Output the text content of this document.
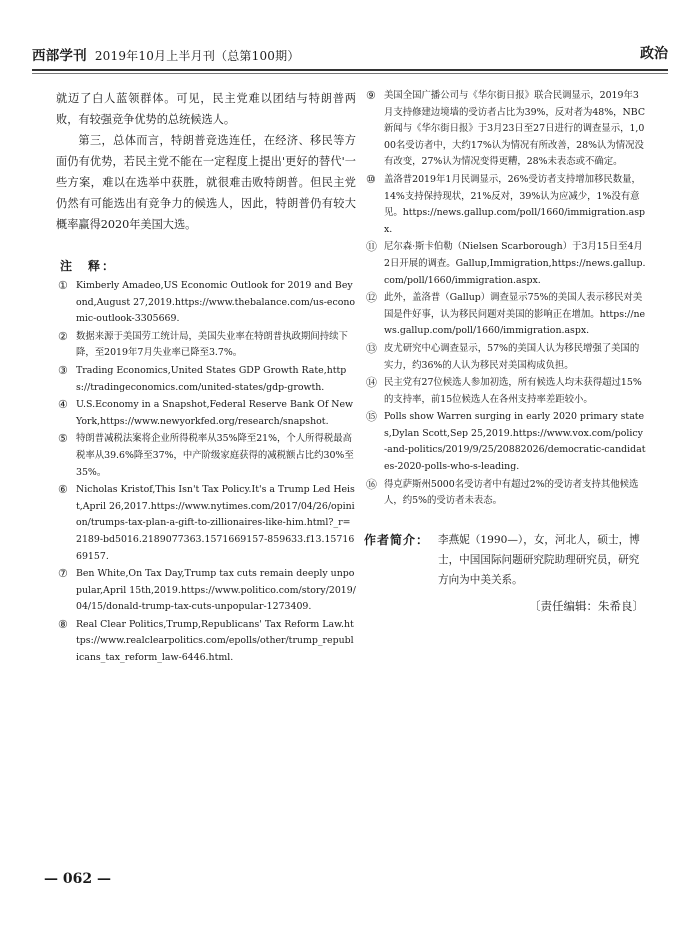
西部学刊 2019年10月上半月刊（总第100期）	政治

就迈了白人蓝领群体。可见，民主党难以团结与特朗普两败，有较强竞争优势的总统候选人。

第三，总体而言，特朗普竞选连任，在经济、移民等方面仍有优势，若民主党不能在一定程度上提出'更好的替代'一些方案，难以在选举中获胜，就很难击败特朗普。但民主党仍然有可能选出有竞争力的候选人，因此，特朗普仍有较大概率赢得2020年美国大选。

注　释：

① Kimberly Amadeo,US Economic Outlook for 2019 and Beyond,August 27,2019.https://www.thebalance.com/us-economic-outlook-3305669.

② 数据来源于美国劳工统计局，美国失业率在特朗普执政期间持续下降，至2019年7月失业率已降至3.7%。

③ Trading Economics,United States GDP Growth Rate,https://tradingeconomics.com/united-states/gdp-growth.

④ U.S.Economy in a Snapshot,Federal Reserve Bank Of New York,https://www.newyorkfed.org/research/snapshot.

⑤ 特朗普减税法案将企业所得税率从35%降至21%，个人所得税最高税率从39.6%降至37%，中产阶级家庭获得的减税额占比约30%至35%。

⑥ Nicholas Kristof,This Isn't Tax Policy.It's a Trump Led Heist,April 26,2017.https://www.nytimes.com/2017/04/26/opinion/trumps-tax-plan-a-gift-to-zillionaires-like-him.html?_r=2189-bd5016.2189077363.1571669157-859633.f13.1571669157.

⑦ Ben White,On Tax Day,Trump tax cuts remain deeply unpopular,April 15th,2019.https://www.politico.com/story/2019/04/15/donald-trump-tax-cuts-unpopular-1273409.

⑧ Real Clear Politics,Trump,Republicans' Tax Reform Law.https://www.realclearpolitics.com/epolls/other/trump_republicans_tax_reform_law-6446.html.

⑨ 美国全国广播公司与《华尔街日报》联合民调显示，2019年3月支持修建边境墙的受访者占比为39%，反对者为48%，NBC新闻与《华尔街日报》于3月23日至27日进行的调查显示，1,000名受访者中，大约17%认为情况有所改善，28%认为情况没有改变，27%认为情况变得更糟，28%未表态或不确定。

⑩ 盖洛普2019年1月民调显示，26%受访者支持增加移民数量，14%支持保持现状，21%反对，39%认为应减少，1%没有意见。https://news.gallup.com/poll/1660/immigration.aspx.

⑪ 尼尔森·斯卡伯勒（Nielsen Scarborough）于3月15日至4月2日开展的调查。Gallup,Immigration,https://news.gallup.com/poll/1660/immigration.aspx.

⑫ 此外，盖洛普（Gallup）调查显示75%的美国人表示移民对美国是件好事，认为移民问题对美国的影响正在增加。https://news.gallup.com/poll/1660/immigration.aspx.

⑬ 皮尤研究中心调查显示，57%的美国人认为移民增强了美国的实力，约36%的人认为移民对美国构成负担。

⑭ 民主党有27位候选人参加初选，所有候选人均未获得超过15%的支持率，前15位候选人在各州支持率差距较小。

⑮ Polls show Warren surging in early 2020 primary states,Dylan Scott,Sep 25,2019.https://www.vox.com/policy-and-politics/2019/9/25/20882026/democratic-candidates-2020-polls-who-s-leading.

⑯ 得克萨斯州5000名受访者中有超过2%的受访者支持其他候选人，约5%的受访者未表态。

作者简介： 李燕妮（1990—），女，河北人，硕士，博士，中国国际问题研究院助理研究员，研究方向为中美关系。
〔责任编辑：朱希良〕
— 062 —
